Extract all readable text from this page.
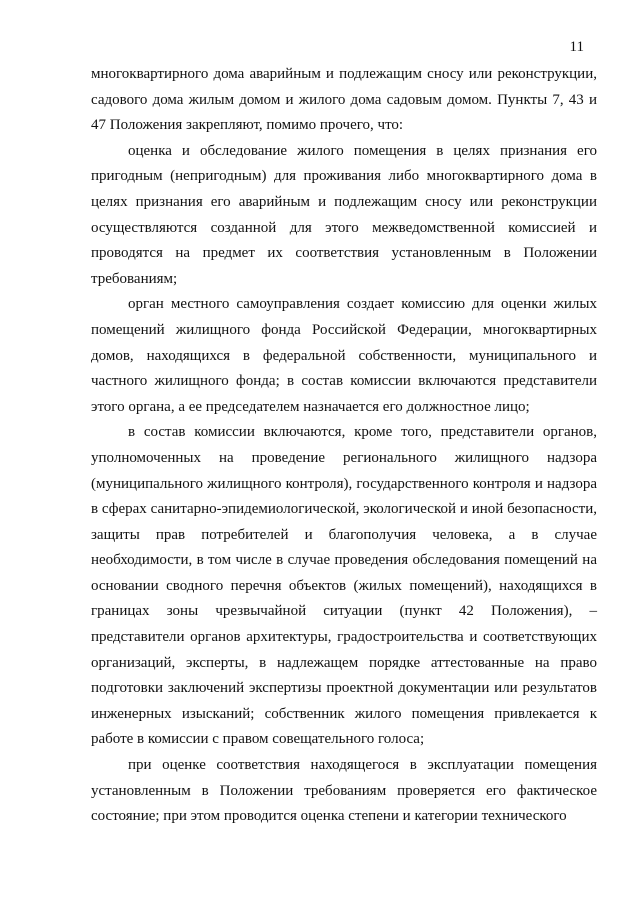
11

многоквартирного дома аварийным и подлежащим сносу или реконструкции, садового дома жилым домом и жилого дома садовым домом. Пункты 7, 43 и 47 Положения закрепляют, помимо прочего, что:

оценка и обследование жилого помещения в целях признания его пригодным (непригодным) для проживания либо многоквартирного дома в целях признания его аварийным и подлежащим сносу или реконструкции осуществляются созданной для этого межведомственной комиссией и проводятся на предмет их соответствия установленным в Положении требованиям;

орган местного самоуправления создает комиссию для оценки жилых помещений жилищного фонда Российской Федерации, многоквартирных домов, находящихся в федеральной собственности, муниципального и частного жилищного фонда; в состав комиссии включаются представители этого органа, а ее председателем назначается его должностное лицо;

в состав комиссии включаются, кроме того, представители органов, уполномоченных на проведение регионального жилищного надзора (муниципального жилищного контроля), государственного контроля и надзора в сферах санитарно-эпидемиологической, экологической и иной безопасности, защиты прав потребителей и благополучия человека, а в случае необходимости, в том числе в случае проведения обследования помещений на основании сводного перечня объектов (жилых помещений), находящихся в границах зоны чрезвычайной ситуации (пункт 42 Положения), – представители органов архитектуры, градостроительства и соответствующих организаций, эксперты, в надлежащем порядке аттестованные на право подготовки заключений экспертизы проектной документации или результатов инженерных изысканий; собственник жилого помещения привлекается к работе в комиссии с правом совещательного голоса;

при оценке соответствия находящегося в эксплуатации помещения установленным в Положении требованиям проверяется его фактическое состояние; при этом проводится оценка степени и категории технического
